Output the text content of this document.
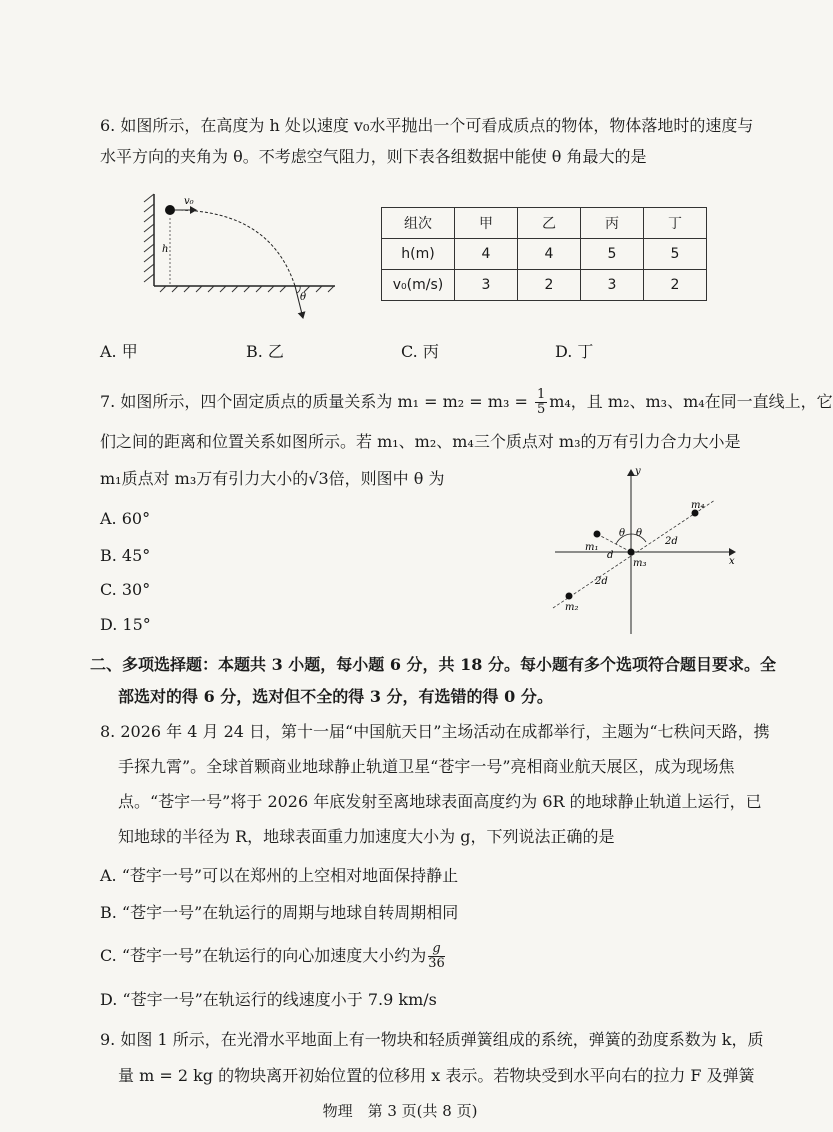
6. 如图所示，在高度为 h 处以速度 v₀水平抛出一个可看成质点的物体，物体落地时的速度与
水平方向的夹角为 θ。不考虑空气阻力，则下表各组数据中能使 θ 角最大的是
v₀
h
θ
组次	甲	乙	丙	丁
h(m)	4	4	5	5
v₀(m/s)	3	2	3	2
A. 甲	B. 乙	C. 丙	D. 丁
7. 如图所示，四个固定质点的质量关系为 $m_1 = m_2 = m_3 = \frac{1}{5} m_4$，且 m₂、m₃、m₄在同一直线上，它
们之间的距离和位置关系如图所示。若 m₁、m₂、m₄三个质点对 m₃的万有引力合力大小是
m₁质点对 m₃万有引力大小的√3倍，则图中 θ 为
A. 60°
B. 45°
C. 30°
D. 15°
y
x
θ θ
m₁
d
2d
m₄
m₃
2d
m₂
二、多项选择题：本题共 3 小题，每小题 6 分，共 18 分。每小题有多个选项符合题目要求。全
部选对的得 6 分，选对但不全的得 3 分，有选错的得 0 分。
8. 2026 年 4 月 24 日，第十一届“中国航天日”主场活动在成都举行，主题为“七秩问天路，携
手探九霄”。全球首颗商业地球静止轨道卫星“苍宇一号”亮相商业航天展区，成为现场焦
点。“苍宇一号”将于 2026 年底发射至离地球表面高度约为 6R 的地球静止轨道上运行，已
知地球的半径为 R，地球表面重力加速度大小为 g，下列说法正确的是
A. “苍宇一号”可以在郑州的上空相对地面保持静止
B. “苍宇一号”在轨运行的周期与地球自转周期相同
C. “苍宇一号”在轨运行的向心加速度大小约为 $\frac{g}{36}$
D. “苍宇一号”在轨运行的线速度小于 7.9 km/s
9. 如图 1 所示，在光滑水平地面上有一物块和轻质弹簧组成的系统，弹簧的劲度系数为 k，质
量 m = 2 kg 的物块离开初始位置的位移用 x 表示。若物块受到水平向右的拉力 F 及弹簧
物理　第 3 页(共 8 页)
